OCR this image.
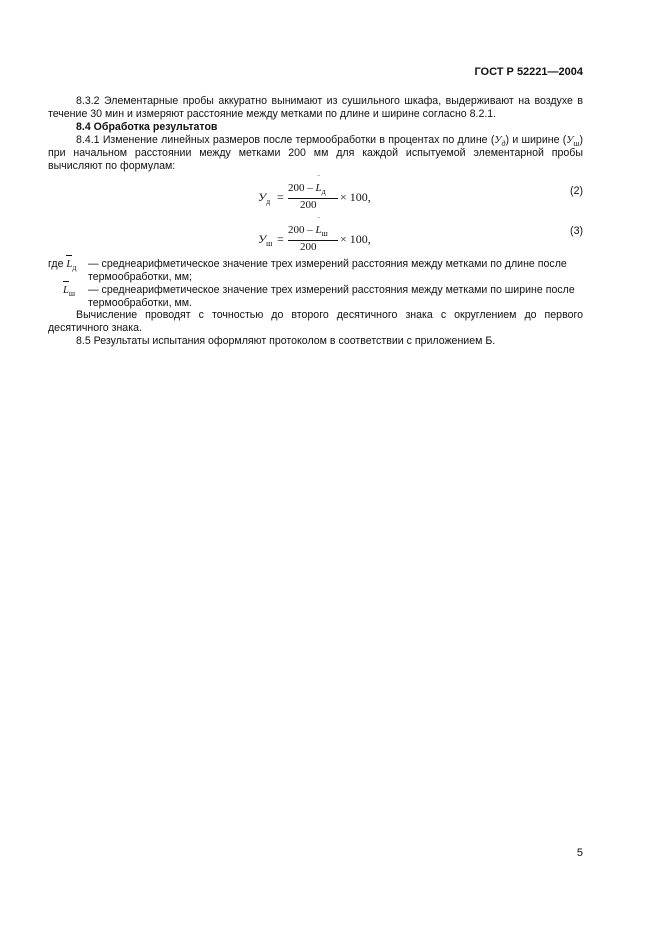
ГОСТ Р 52221—2004
8.3.2 Элементарные пробы аккуратно вынимают из сушильного шкафа, выдерживают на воздухе в течение 30 мин и измеряют расстояние между метками по длине и ширине согласно 8.2.1.
8.4 Обработка результатов
8.4.1 Изменение линейных размеров после термообработки в процентах по длине $(У_д)$ и ширине $(У_ш)$ при начальном расстоянии между метками 200 мм для каждой испытуемой элементарной пробы вычисляют по формулам:
$У_д$ =
200 – L
‾
$_д$
200
× 100,	(2)
$У_ш$ =
200 – L
‾
$_ш$
200
× 100,
(3)
где $L_д$ — среднеарифметическое значение трех измерений расстояния между метками по длине после термообработки, мм;
$L_ш$ — среднеарифметическое значение трех измерений расстояния между метками по ширине после термообработки, мм.
Вычисление проводят с точностью до второго десятичного знака с округлением до первого десятичного знака.
8.5 Результаты испытания оформляют протоколом в соответствии с приложением Б.
5
